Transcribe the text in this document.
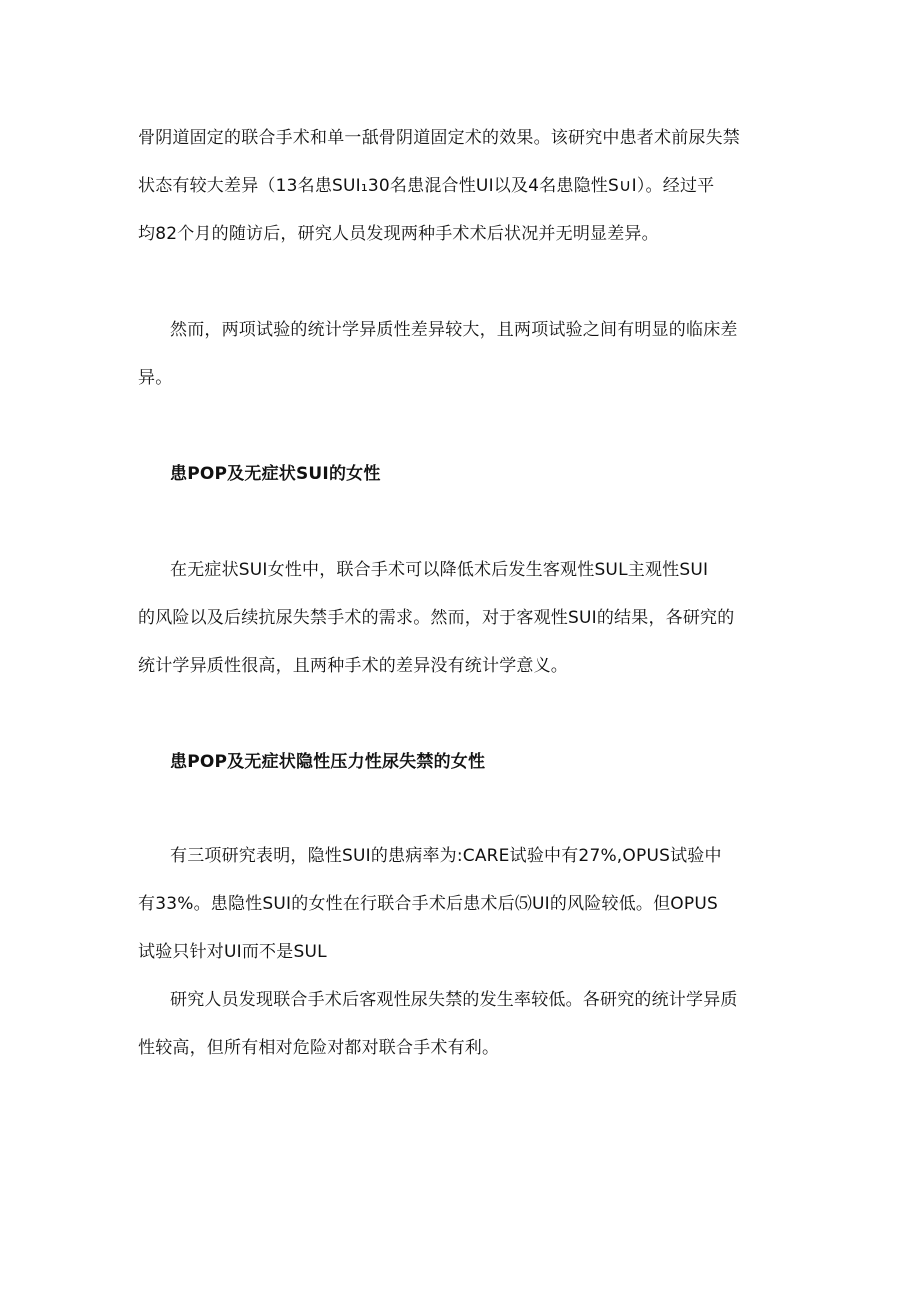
骨阴道固定的联合手术和单一舐骨阴道固定术的效果。该研究中患者术前尿失禁
状态有较大差异（13名患SUI₁30名患混合性UI以及4名患隐性S∪I）。经过平
均82个月的随访后，研究人员发现两种手术术后状况并无明显差异。
然而，两项试验的统计学异质性差异较大，且两项试验之间有明显的临床差
异。
患POP及无症状SUI的女性
在无症状SUI女性中，联合手术可以降低术后发生客观性SUL主观性SUI
的风险以及后续抗尿失禁手术的需求。然而，对于客观性SUI的结果，各研究的
统计学异质性很高，且两种手术的差异没有统计学意义。
患POP及无症状隐性压力性尿失禁的女性
有三项研究表明，隐性SUI的患病率为:CARE试验中有27%,OPUS试验中
有33%。患隐性SUI的女性在行联合手术后患术后⑸UI的风险较低。但OPUS
试验只针对UI而不是SUL
研究人员发现联合手术后客观性尿失禁的发生率较低。各研究的统计学异质
性较高，但所有相对危险对都对联合手术有利。
